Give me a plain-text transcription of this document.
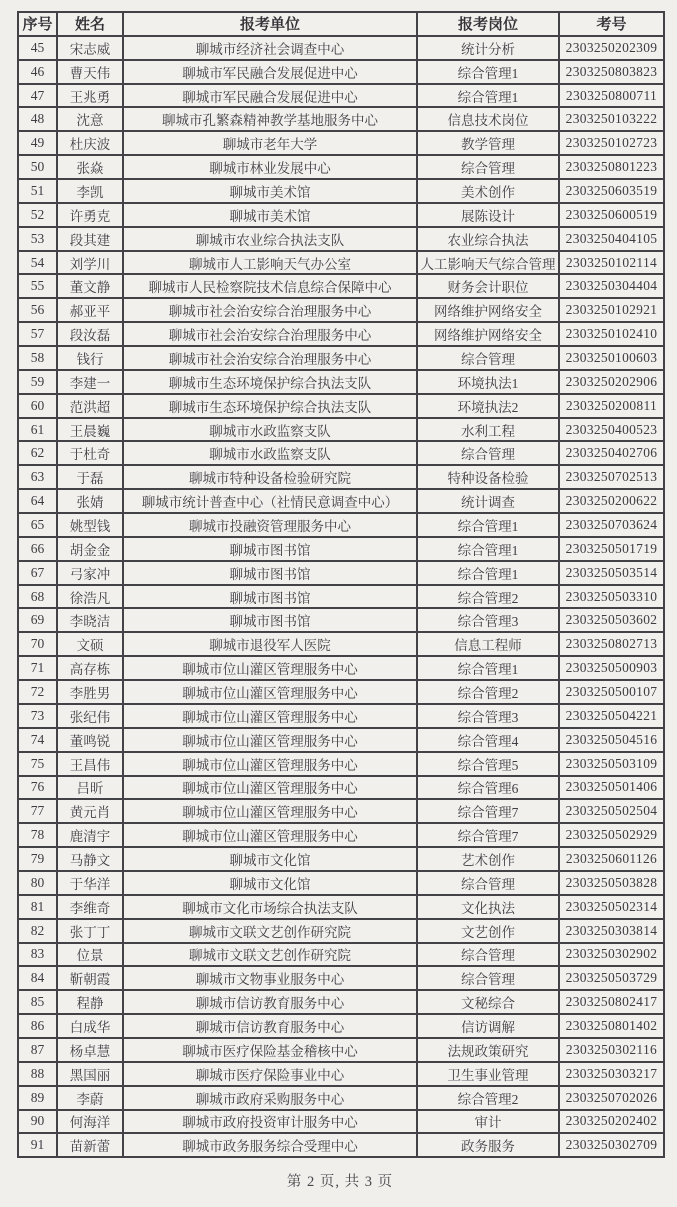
序号	姓名	报考单位	报考岗位	考号
45	宋志威	聊城市经济社会调查中心	统计分析	2303250202309
46	曹天伟	聊城市军民融合发展促进中心	综合管理1	2303250803823
47	王兆勇	聊城市军民融合发展促进中心	综合管理1	2303250800711
48	沈意	聊城市孔繁森精神教学基地服务中心	信息技术岗位	2303250103222
49	杜庆波	聊城市老年大学	教学管理	2303250102723
50	张焱	聊城市林业发展中心	综合管理	2303250801223
51	李凯	聊城市美术馆	美术创作	2303250603519
52	许勇克	聊城市美术馆	展陈设计	2303250600519
53	段其建	聊城市农业综合执法支队	农业综合执法	2303250404105
54	刘学川	聊城市人工影响天气办公室	人工影响天气综合管理	2303250102114
55	董文静	聊城市人民检察院技术信息综合保障中心	财务会计职位	2303250304404
56	郝亚平	聊城市社会治安综合治理服务中心	网络维护网络安全	2303250102921
57	段汝磊	聊城市社会治安综合治理服务中心	网络维护网络安全	2303250102410
58	钱行	聊城市社会治安综合治理服务中心	综合管理	2303250100603
59	李建一	聊城市生态环境保护综合执法支队	环境执法1	2303250202906
60	范洪超	聊城市生态环境保护综合执法支队	环境执法2	2303250200811
61	王晨巍	聊城市水政监察支队	水利工程	2303250400523
62	于杜奇	聊城市水政监察支队	综合管理	2303250402706
63	于磊	聊城市特种设备检验研究院	特种设备检验	2303250702513
64	张婧	聊城市统计普查中心（社情民意调查中心）	统计调查	2303250200622
65	姚型钱	聊城市投融资管理服务中心	综合管理1	2303250703624
66	胡金金	聊城市图书馆	综合管理1	2303250501719
67	弓家冲	聊城市图书馆	综合管理1	2303250503514
68	徐浩凡	聊城市图书馆	综合管理2	2303250503310
69	李晓洁	聊城市图书馆	综合管理3	2303250503602
70	文硕	聊城市退役军人医院	信息工程师	2303250802713
71	高存栋	聊城市位山灌区管理服务中心	综合管理1	2303250500903
72	李胜男	聊城市位山灌区管理服务中心	综合管理2	2303250500107
73	张纪伟	聊城市位山灌区管理服务中心	综合管理3	2303250504221
74	董鸣锐	聊城市位山灌区管理服务中心	综合管理4	2303250504516
75	王昌伟	聊城市位山灌区管理服务中心	综合管理5	2303250503109
76	吕昕	聊城市位山灌区管理服务中心	综合管理6	2303250501406
77	黄元肖	聊城市位山灌区管理服务中心	综合管理7	2303250502504
78	鹿清宇	聊城市位山灌区管理服务中心	综合管理7	2303250502929
79	马静文	聊城市文化馆	艺术创作	2303250601126
80	于华洋	聊城市文化馆	综合管理	2303250503828
81	李维奇	聊城市文化市场综合执法支队	文化执法	2303250502314
82	张丁丁	聊城市文联文艺创作研究院	文艺创作	2303250303814
83	位景	聊城市文联文艺创作研究院	综合管理	2303250302902
84	靳朝霞	聊城市文物事业服务中心	综合管理	2303250503729
85	程静	聊城市信访教育服务中心	文秘综合	2303250802417
86	白成华	聊城市信访教育服务中心	信访调解	2303250801402
87	杨卓慧	聊城市医疗保险基金稽核中心	法规政策研究	2303250302116
88	黑国丽	聊城市医疗保险事业中心	卫生事业管理	2303250303217
89	李蔚	聊城市政府采购服务中心	综合管理2	2303250702026
90	何海洋	聊城市政府投资审计服务中心	审计	2303250202402
91	苗新蕾	聊城市政务服务综合受理中心	政务服务	2303250302709
第 2 页, 共 3 页
